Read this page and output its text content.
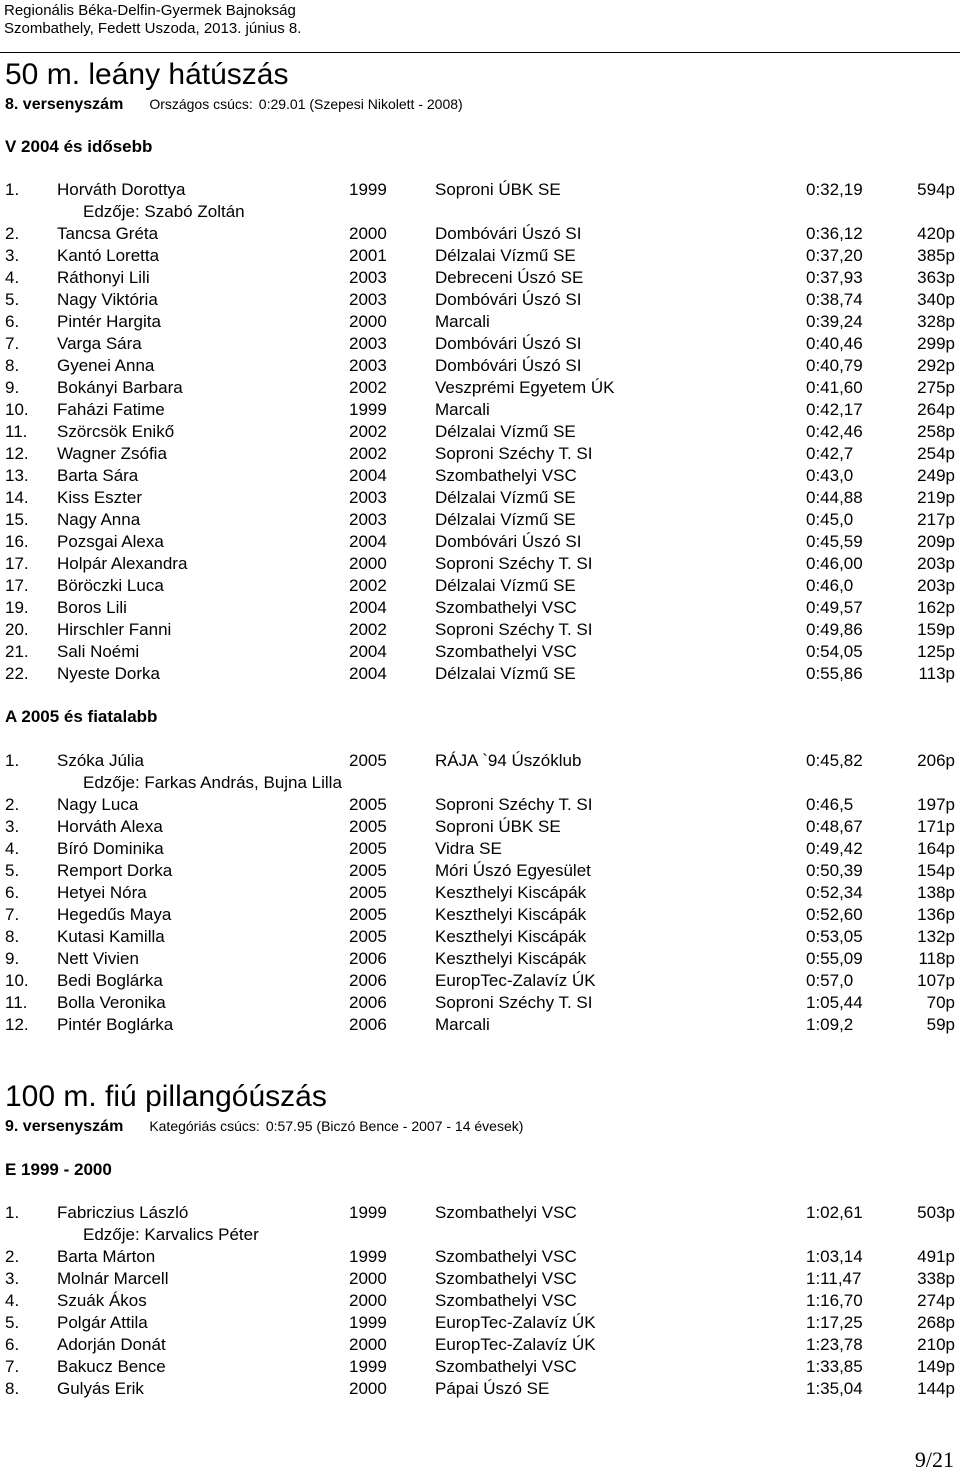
Regionális Béka-Delfin-Gyermek Bajnokság
Szombathely, Fedett Uszoda, 2013. június 8.
50 m. leány hátúszás
8. versenyszám Országos csúcs: 0:29.01 (Szepesi Nikolett - 2008)
V 2004 és idősebb
1. Horváth Dorottya	1999	Soproni ÚBK SE	0:32,19	594p
Edzője: Szabó Zoltán
2. Tancsa Gréta	2000	Dombóvári Úszó SI	0:36,12	420p
3. Kantó Loretta	2001	Délzalai Vízmű SE	0:37,20	385p
4. Ráthonyi Lili	2003	Debreceni Úszó SE	0:37,93	363p
5. Nagy Viktória	2003	Dombóvári Úszó SI	0:38,74	340p
6. Pintér Hargita	2000	Marcali	0:39,24	328p
7. Varga Sára	2003	Dombóvári Úszó SI	0:40,46	299p
8. Gyenei Anna	2003	Dombóvári Úszó SI	0:40,79	292p
9. Bokányi Barbara	2002	Veszprémi Egyetem ÚK	0:41,60	275p
10. Faházi Fatime	1999	Marcali	0:42,17	264p
11. Szörcsök Enikő	2002	Délzalai Vízmű SE	0:42,46	258p
12. Wagner Zsófia	2002	Soproni Széchy T. SI	0:42,7	254p
13. Barta Sára	2004	Szombathelyi VSC	0:43,0	249p
14. Kiss Eszter	2003	Délzalai Vízmű SE	0:44,88	219p
15. Nagy Anna	2003	Délzalai Vízmű SE	0:45,0	217p
16. Pozsgai Alexa	2004	Dombóvári Úszó SI	0:45,59	209p
17. Holpár Alexandra	2000	Soproni Széchy T. SI	0:46,00	203p
17. Böröczki Luca	2002	Délzalai Vízmű SE	0:46,0	203p
19. Boros Lili	2004	Szombathelyi VSC	0:49,57	162p
20. Hirschler Fanni	2002	Soproni Széchy T. SI	0:49,86	159p
21. Sali Noémi	2004	Szombathelyi VSC	0:54,05	125p
22. Nyeste Dorka	2004	Délzalai Vízmű SE	0:55,86	113p
A 2005 és fiatalabb
1. Szóka Júlia	2005	RÁJA `94 Úszóklub	0:45,82	206p
Edzője: Farkas András, Bujna Lilla
2. Nagy Luca	2005	Soproni Széchy T. SI	0:46,5	197p
3. Horváth Alexa	2005	Soproni ÚBK SE	0:48,67	171p
4. Bíró Dominika	2005	Vidra SE	0:49,42	164p
5. Remport Dorka	2005	Móri Úszó Egyesület	0:50,39	154p
6. Hetyei Nóra	2005	Keszthelyi Kiscápák	0:52,34	138p
7. Hegedűs Maya	2005	Keszthelyi Kiscápák	0:52,60	136p
8. Kutasi Kamilla	2005	Keszthelyi Kiscápák	0:53,05	132p
9. Nett Vivien	2006	Keszthelyi Kiscápák	0:55,09	118p
10. Bedi Boglárka	2006	EuropTec-Zalavíz ÚK	0:57,0	107p
11. Bolla Veronika	2006	Soproni Széchy T. SI	1:05,44	70p
12. Pintér Boglárka	2006	Marcali	1:09,2	59p
100 m. fiú pillangóúszás
9. versenyszám Kategóriás csúcs: 0:57.95 (Biczó Bence - 2007 - 14 évesek)
E 1999 - 2000
1. Fabriczius László	1999	Szombathelyi VSC	1:02,61	503p
Edzője: Karvalics Péter
2. Barta Márton	1999	Szombathelyi VSC	1:03,14	491p
3. Molnár Marcell	2000	Szombathelyi VSC	1:11,47	338p
4. Szuák Ákos	2000	Szombathelyi VSC	1:16,70	274p
5. Polgár Attila	1999	EuropTec-Zalavíz ÚK	1:17,25	268p
6. Adorján Donát	2000	EuropTec-Zalavíz ÚK	1:23,78	210p
7. Bakucz Bence	1999	Szombathelyi VSC	1:33,85	149p
8. Gulyás Erik	2000	Pápai Úszó SE	1:35,04	144p
9/21
